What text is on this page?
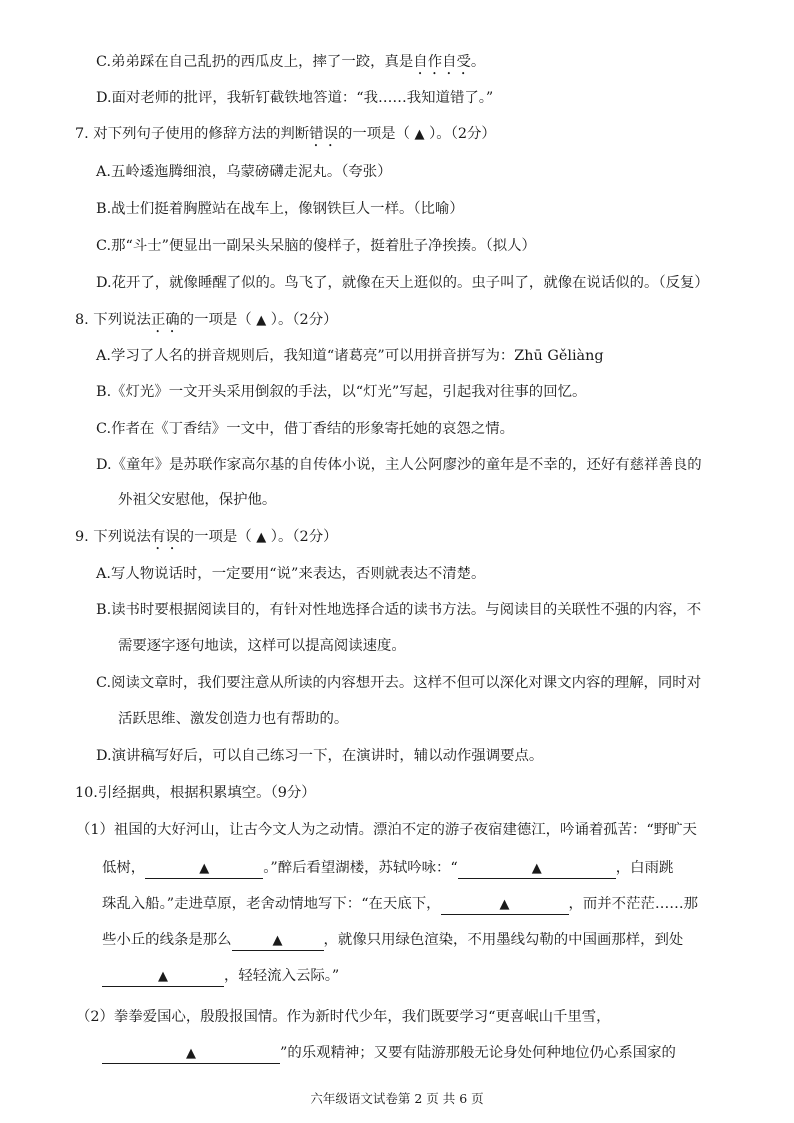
C.弟弟踩在自己乱扔的西瓜皮上，摔了一跤，真是自作自受。
D.面对老师的批评，我斩钉截铁地答道：“我……我知道错了。”
7. 对下列句子使用的修辞方法的判断错误的一项是（ ▲ ）。（2分）
A.五岭逶迤腾细浪，乌蒙磅礴走泥丸。（夸张）
B.战士们挺着胸膛站在战车上，像钢铁巨人一样。（比喻）
C.那“斗士”便显出一副呆头呆脑的傻样子，挺着肚子净挨揍。（拟人）
D.花开了，就像睡醒了似的。鸟飞了，就像在天上逛似的。虫子叫了，就像在说话似的。（反复）
8. 下列说法正确的一项是（ ▲ ）。（2分）
A.学习了人名的拼音规则后，我知道“诸葛亮”可以用拼音拼写为：Zhū Gěliàng
B.《灯光》一文开头采用倒叙的手法，以“灯光”写起，引起我对往事的回忆。
C.作者在《丁香结》一文中，借丁香结的形象寄托她的哀怨之情。
D.《童年》是苏联作家高尔基的自传体小说，主人公阿廖沙的童年是不幸的，还好有慈祥善良的
外祖父安慰他，保护他。
9. 下列说法有误的一项是（ ▲ ）。（2分）
A.写人物说话时，一定要用“说”来表达，否则就表达不清楚。
B.读书时要根据阅读目的，有针对性地选择合适的读书方法。与阅读目的关联性不强的内容，不
需要逐字逐句地读，这样可以提高阅读速度。
C.阅读文章时，我们要注意从所读的内容想开去。这样不但可以深化对课文内容的理解，同时对
活跃思维、激发创造力也有帮助的。
D.演讲稿写好后，可以自己练习一下，在演讲时，辅以动作强调要点。
10.引经据典，根据积累填空。（9分）
（1）祖国的大好河山，让古今文人为之动情。漂泊不定的游子夜宿建德江，吟诵着孤苦：“野旷天
低树，	▲	。”醉后看望湖楼，苏轼吟咏：“	▲	，白雨跳
珠乱入船。”走进草原，老舍动情地写下：“在天底下，	▲	，而并不茫茫……那
些小丘的线条是那么	▲	，就像只用绿色渲染，不用墨线勾勒的中国画那样，到处
▲	，轻轻流入云际。”
（2）拳拳爱国心，殷殷报国情。作为新时代少年，我们既要学习“更喜岷山千里雪，
▲	”的乐观精神；又要有陆游那般无论身处何种地位仍心系国家的
六年级语文试卷第 2 页 共 6 页
